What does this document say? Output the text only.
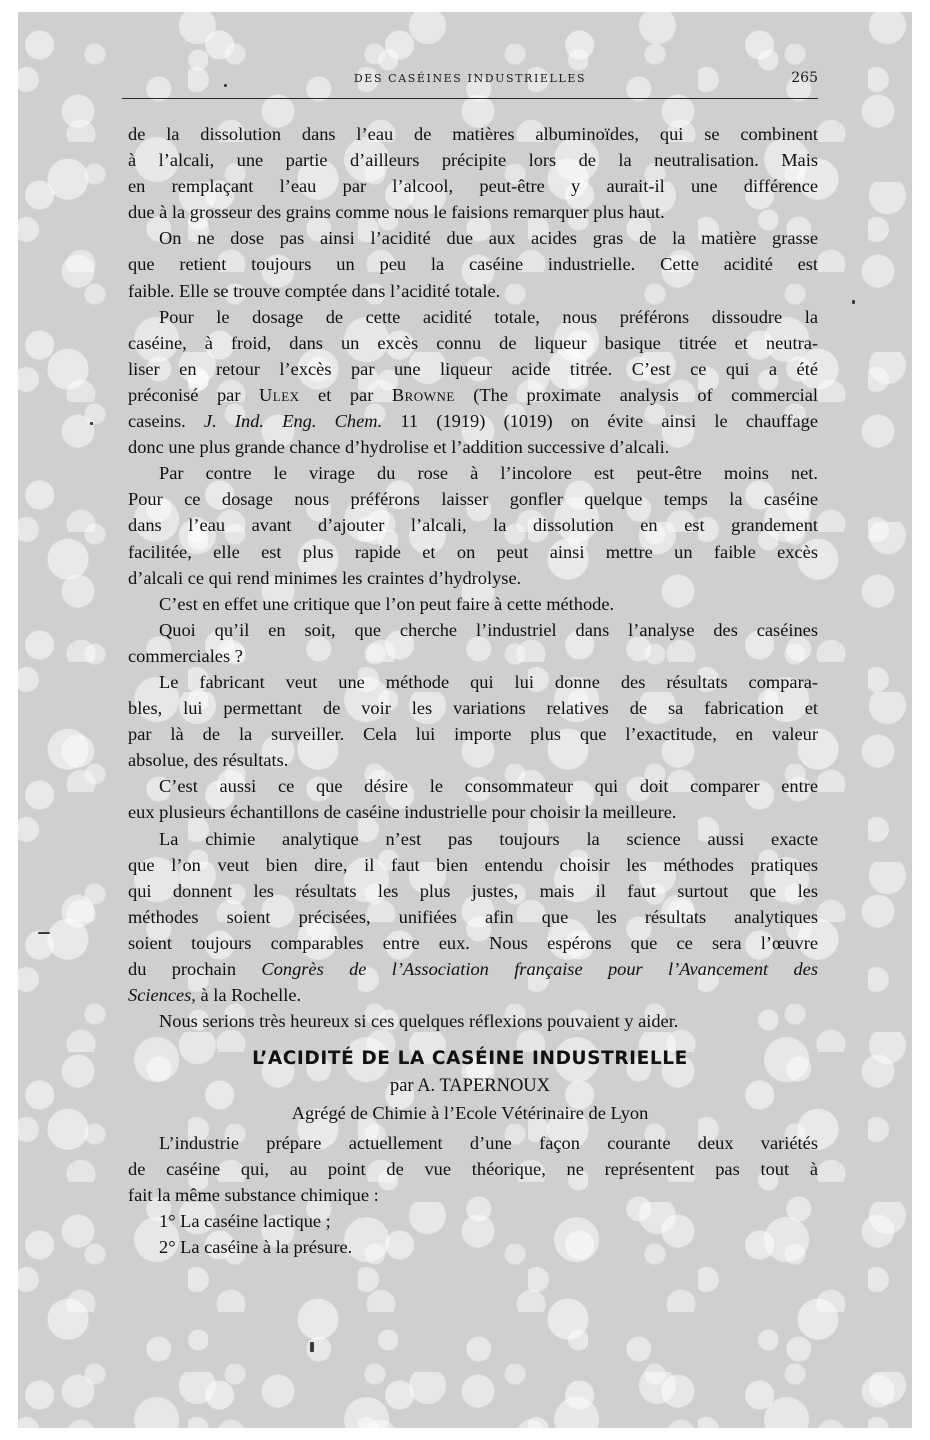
DES CASÉINES INDUSTRIELLES	265
de la dissolution dans l’eau de matières albuminoïdes, qui se combinent
à l’alcali, une partie d’ailleurs précipite lors de la neutralisation. Mais
en remplaçant l’eau par l’alcool, peut-être y aurait-il une différence
due à la grosseur des grains comme nous le faisions remarquer plus haut.
On ne dose pas ainsi l’acidité due aux acides gras de la matière grasse
que retient toujours un peu la caséine industrielle. Cette acidité est
faible. Elle se trouve comptée dans l’acidité totale.
Pour le dosage de cette acidité totale, nous préférons dissoudre la
caséine, à froid, dans un excès connu de liqueur basique titrée et neutra-
liser en retour l’excès par une liqueur acide titrée. C’est ce qui a été
préconisé par Ulex et par Browne (The proximate analysis of commercial
caseins. J. Ind. Eng. Chem. 11 (1919) (1019) on évite ainsi le chauffage
donc une plus grande chance d’hydrolise et l’addition successive d’alcali.
Par contre le virage du rose à l’incolore est peut-être moins net.
Pour ce dosage nous préférons laisser gonfler quelque temps la caséine
dans l’eau avant d’ajouter l’alcali, la dissolution en est grandement
facilitée, elle est plus rapide et on peut ainsi mettre un faible excès
d’alcali ce qui rend minimes les craintes d’hydrolyse.
C’est en effet une critique que l’on peut faire à cette méthode.
Quoi qu’il en soit, que cherche l’industriel dans l’analyse des caséines
commerciales ?
Le fabricant veut une méthode qui lui donne des résultats compara-
bles, lui permettant de voir les variations relatives de sa fabrication et
par là de la surveiller. Cela lui importe plus que l’exactitude, en valeur
absolue, des résultats.
C’est aussi ce que désire le consommateur qui doit comparer entre
eux plusieurs échantillons de caséine industrielle pour choisir la meilleure.
La chimie analytique n’est pas toujours la science aussi exacte
que l’on veut bien dire, il faut bien entendu choisir les méthodes pratiques
qui donnent les résultats les plus justes, mais il faut surtout que les
méthodes soient précisées, unifiées afin que les résultats analytiques
soient toujours comparables entre eux. Nous espérons que ce sera l’œuvre
du prochain Congrès de l’Association française pour l’Avancement des
Sciences, à la Rochelle.
Nous serions très heureux si ces quelques réflexions pouvaient y aider.
L’ACIDITÉ DE LA CASÉINE INDUSTRIELLE
par A. TAPERNOUX
Agrégé de Chimie à l’Ecole Vétérinaire de Lyon
L’industrie prépare actuellement d’une façon courante deux variétés
de caséine qui, au point de vue théorique, ne représentent pas tout à
fait la même substance chimique :
1° La caséine lactique ;
2° La caséine à la présure.
